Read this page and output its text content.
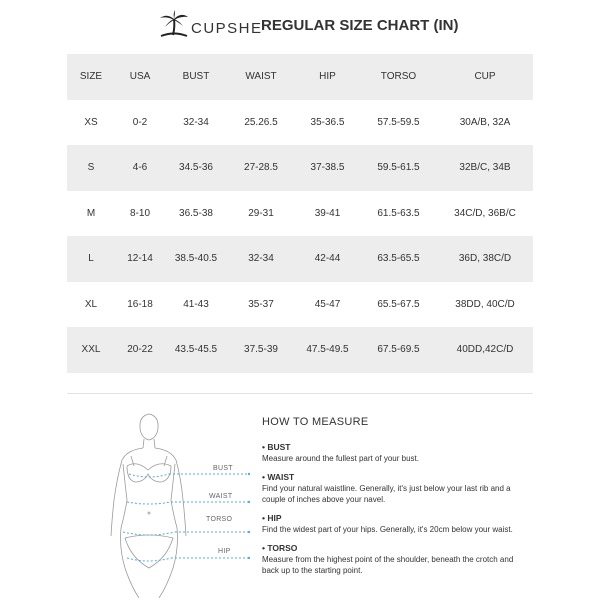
CUPSHE
REGULAR SIZE CHART (IN)
SIZE	USA	BUST	WAIST	HIP	TORSO	CUP
XS	0-2	32-34	25.26.5	35-36.5	57.5-59.5	30A/B, 32A
S	4-6	34.5-36	27-28.5	37-38.5	59.5-61.5	32B/C, 34B
M	8-10	36.5-38	29-31	39-41	61.5-63.5	34C/D, 36B/C
L	12-14	38.5-40.5	32-34	42-44	63.5-65.5	36D, 38C/D
XL	16-18	41-43	35-37	45-47	65.5-67.5	38DD, 40C/D
XXL	20-22	43.5-45.5	37.5-39	47.5-49.5	67.5-69.5	40DD,42C/D
BUST
WAIST
TORSO
HIP
HOW TO MEASURE
• BUST
Measure around the fullest part of your bust.
• WAIST
Find your natural waistline. Generally, it's just below your last rib and a couple of inches above your navel.
• HIP
Find the widest part of your hips. Generally, it's 20cm below your waist.
• TORSO
Measure from the highest point of the shoulder, beneath the crotch and back up to the starting point.
